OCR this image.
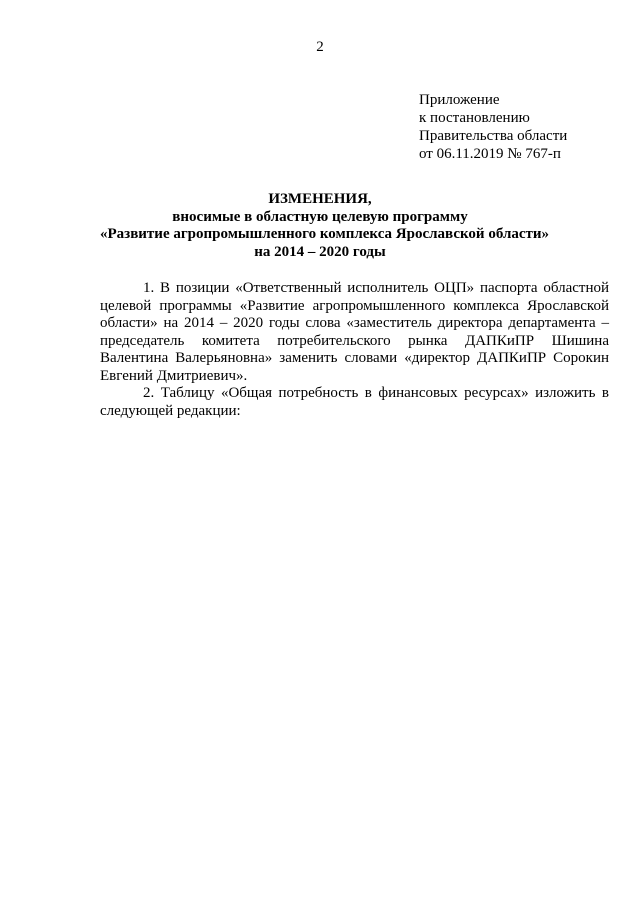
2
Приложение
к постановлению
Правительства области
от 06.11.2019 № 767-п
ИЗМЕНЕНИЯ,
вносимые в областную целевую программу
«Развитие агропромышленного комплекса Ярославской области»
на 2014 – 2020 годы
1. В позиции «Ответственный исполнитель ОЦП» паспорта областной
целевой программы «Развитие агропромышленного комплекса Ярославской
области» на 2014 – 2020 годы слова «заместитель директора департамента –
председатель комитета потребительского рынка ДАПКиПР Шишина
Валентина Валерьяновна» заменить словами «директор ДАПКиПР Сорокин
Евгений Дмитриевич».
2. Таблицу «Общая потребность в финансовых ресурсах» изложить в
следующей редакции:
